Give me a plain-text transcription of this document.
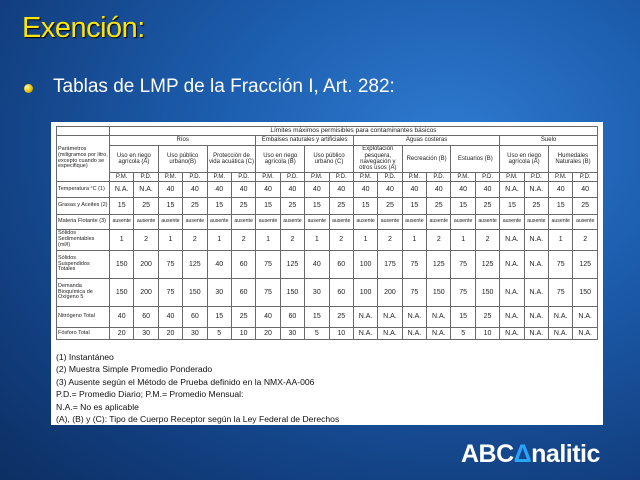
Exención:
Tablas de LMP de la Fracción I, Art. 282:
	Límites máximos permisibles para contaminantes básicos																			
Parámetros (miligramos por litro, excepto cuando se especifique)	Ríos						Embalses naturales y artificiales				Aguas costeras						Suelo			
	Uso en riego agrícola (A)		Uso público urbano(B)		Protección de vida acuática (C)		Uso en riego agrícola (B)		Uso público urbano (C)		Explotación pesquera, navegación y otros usos (A)		Recreación (B)		Estuarios (B)		Uso en riego agrícola (A)		Humedales Naturales (B)	
	P.M.	P.D.	P.M.	P.D.	P.M.	P.D.	P.M.	P.D.	P.M.	P.D.	P.M.	P.D.	P.M.	P.D.	P.M.	P.D.	P.M.	P.D.	P.M.	P.D.
Temperatura °C (1)	N.A.	N.A.	40	40	40	40	40	40	40	40	40	40	40	40	40	40	N.A.	N.A.	40	40
Grasas y Aceites (2)	15	25	15	25	15	25	15	25	15	25	15	25	15	25	15	25	15	25	15	25
Materia Flotante (3)	ausente	ausente	ausente	ausente	ausente	ausente	ausente	ausente	ausente	ausente	ausente	ausente	ausente	ausente	ausente	ausente	ausente	ausente	ausente	ausente
Sólidos Sedimentables (ml/l)	1	2	1	2	1	2	1	2	1	2	1	2	1	2	1	2	N.A.	N.A.	1	2
Sólidos Suspendidos Totales	150	200	75	125	40	60	75	125	40	60	100	175	75	125	75	125	N.A.	N.A.	75	125
Demanda Bioquímica de Oxígeno 5	150	200	75	150	30	60	75	150	30	60	100	200	75	150	75	150	N.A.	N.A.	75	150
Nitrógeno Total	40	60	40	60	15	25	40	60	15	25	N.A.	N.A.	N.A.	N.A.	15	25	N.A.	N.A.	N.A.	N.A.
Fósforo Total	20	30	20	30	5	10	20	30	5	10	N.A.	N.A.	N.A.	N.A.	5	10	N.A.	N.A.	N.A.	N.A.
(1) Instantáneo
(2) Muestra Simple Promedio Ponderado
(3) Ausente según el Método de Prueba definido en la NMX-AA-006
P.D.= Promedio Diario; P.M.= Promedio Mensual:
N.A.= No es aplicable
(A), (B) y (C): Tipo de Cuerpo Receptor según la Ley Federal de Derechos
ABCΔnalitic
